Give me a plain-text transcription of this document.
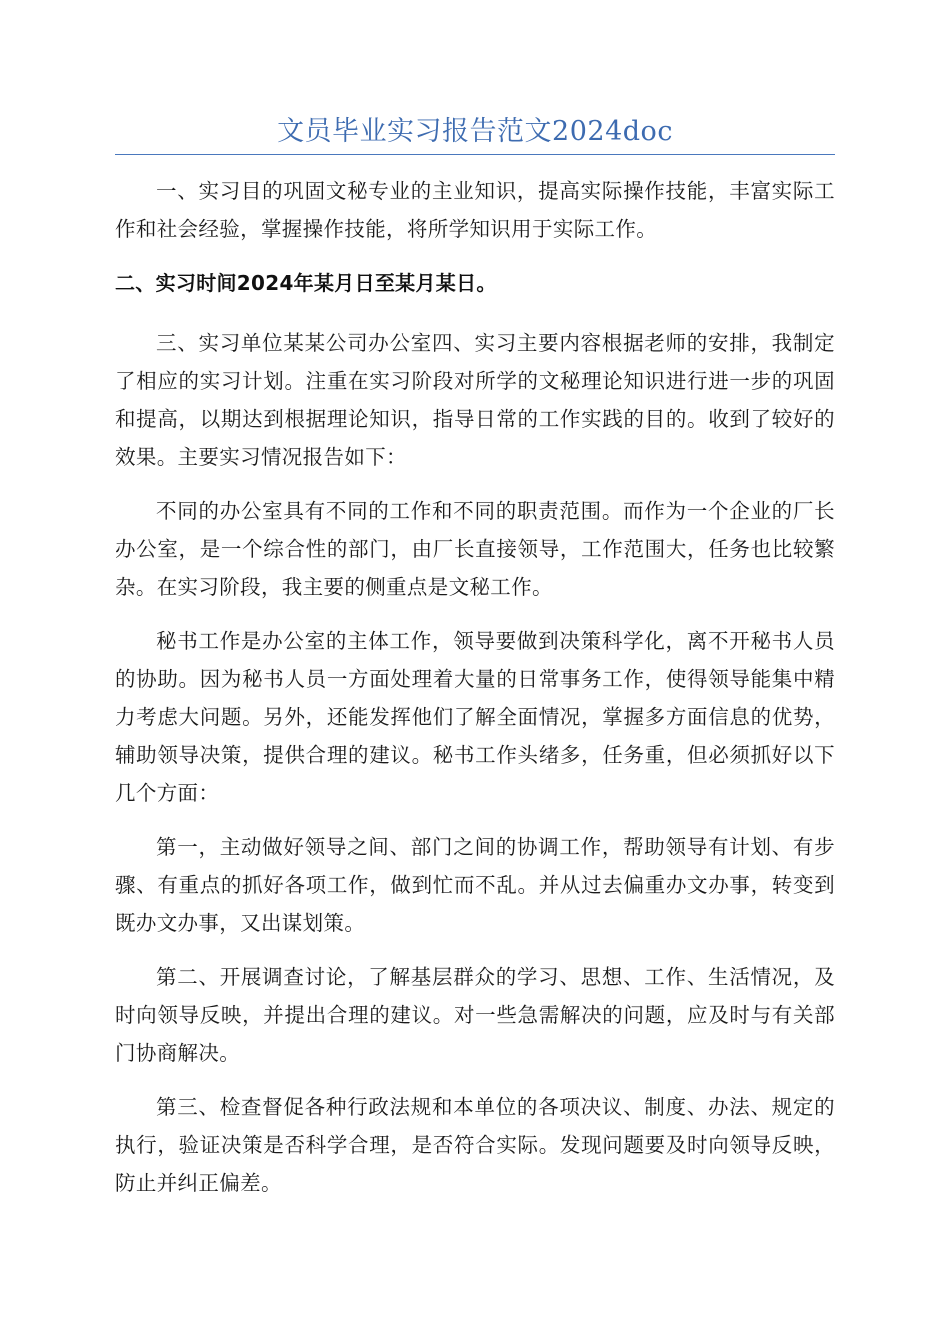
文员毕业实习报告范文2024doc

一、实习目的巩固文秘专业的主业知识，提高实际操作技能，丰富实际工作和社会经验，掌握操作技能，将所学知识用于实际工作。

二、实习时间2024年某月日至某月某日。

三、实习单位某某公司办公室四、实习主要内容根据老师的安排，我制定了相应的实习计划。注重在实习阶段对所学的文秘理论知识进行进一步的巩固和提高，以期达到根据理论知识，指导日常的工作实践的目的。收到了较好的效果。主要实习情况报告如下：

不同的办公室具有不同的工作和不同的职责范围。而作为一个企业的厂长办公室，是一个综合性的部门，由厂长直接领导，工作范围大，任务也比较繁杂。在实习阶段，我主要的侧重点是文秘工作。

秘书工作是办公室的主体工作，领导要做到决策科学化，离不开秘书人员的协助。因为秘书人员一方面处理着大量的日常事务工作，使得领导能集中精力考虑大问题。另外，还能发挥他们了解全面情况，掌握多方面信息的优势，辅助领导决策，提供合理的建议。秘书工作头绪多，任务重，但必须抓好以下几个方面：

第一，主动做好领导之间、部门之间的协调工作，帮助领导有计划、有步骤、有重点的抓好各项工作，做到忙而不乱。并从过去偏重办文办事，转变到既办文办事，又出谋划策。

第二、开展调查讨论，了解基层群众的学习、思想、工作、生活情况，及时向领导反映，并提出合理的建议。对一些急需解决的问题，应及时与有关部门协商解决。

第三、检查督促各种行政法规和本单位的各项决议、制度、办法、规定的执行，验证决策是否科学合理，是否符合实际。发现问题要及时向领导反映，防止并纠正偏差。
